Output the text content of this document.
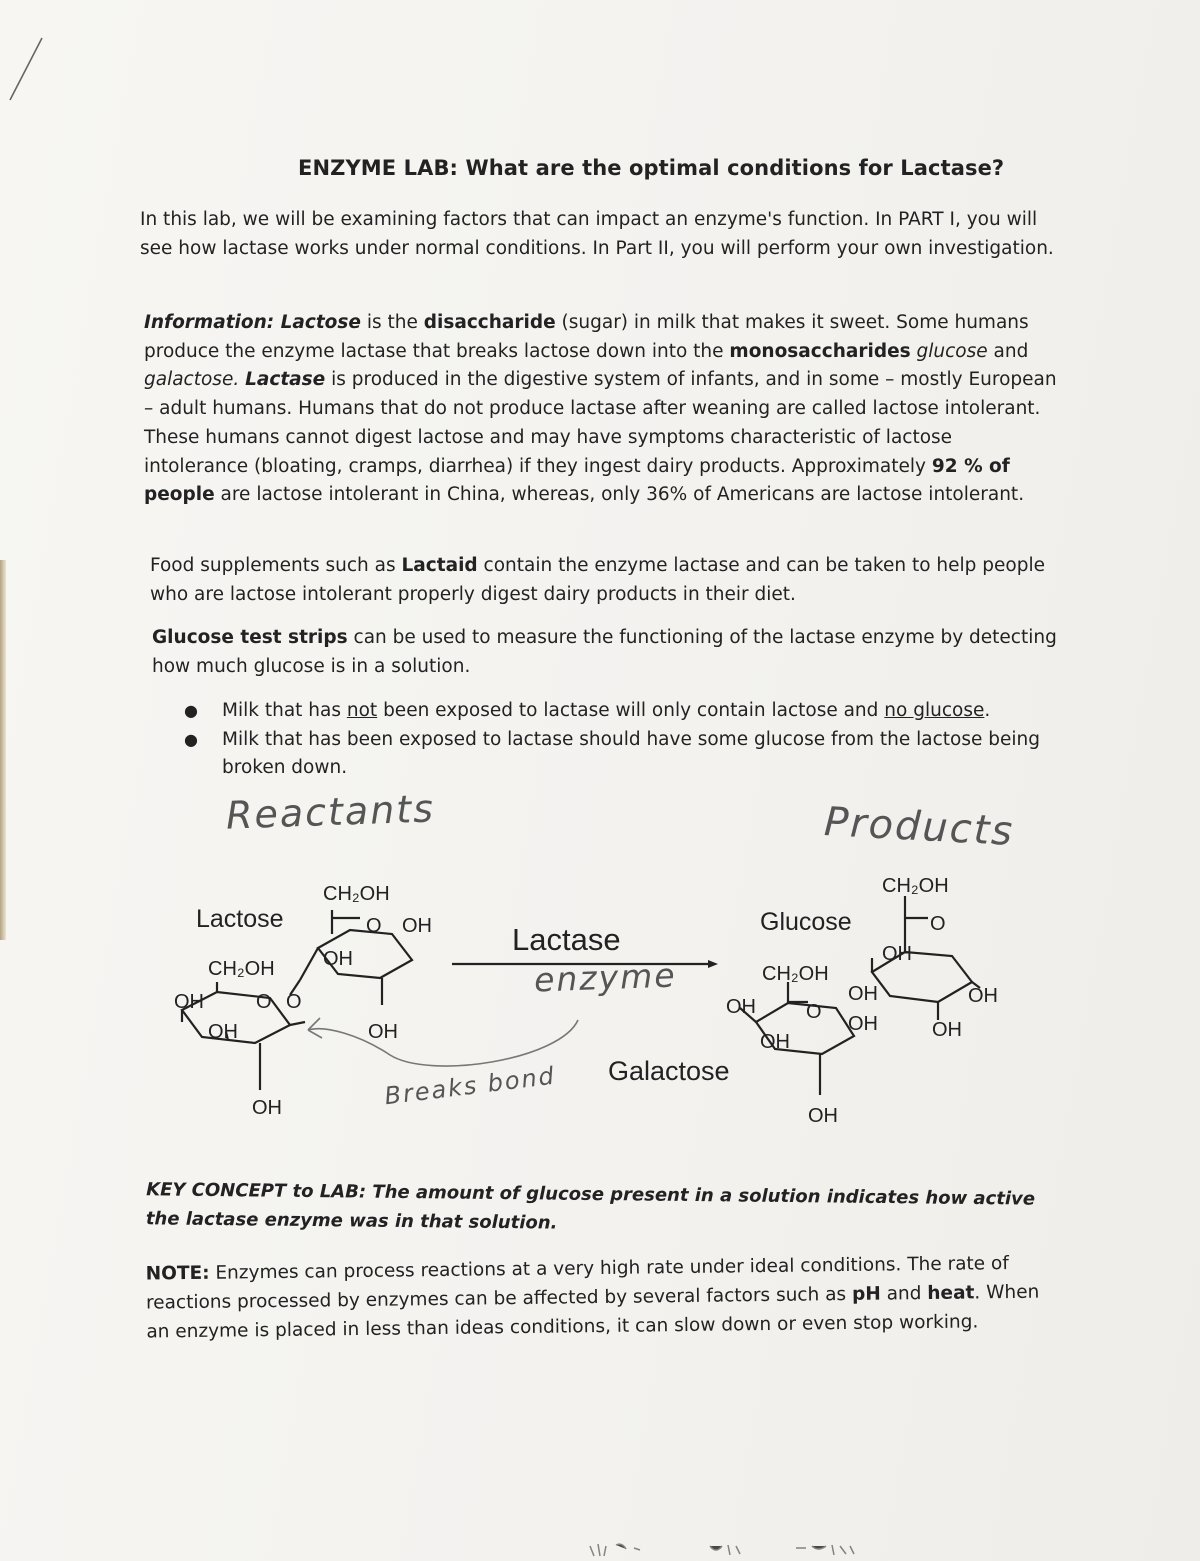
ENZYME LAB: What are the optimal conditions for Lactase?
In this lab, we will be examining factors that can impact an enzyme's function. In PART I, you will see how lactase works under normal conditions. In Part II, you will perform your own investigation.
Information: Lactose is the disaccharide (sugar) in milk that makes it sweet. Some humans produce the enzyme lactase that breaks lactose down into the monosaccharides glucose and galactose. Lactase is produced in the digestive system of infants, and in some – mostly European – adult humans. Humans that do not produce lactase after weaning are called lactose intolerant. These humans cannot digest lactose and may have symptoms characteristic of lactose intolerance (bloating, cramps, diarrhea) if they ingest dairy products. Approximately 92 % of people are lactose intolerant in China, whereas, only 36% of Americans are lactose intolerant.
Food supplements such as Lactaid contain the enzyme lactase and can be taken to help people who are lactose intolerant properly digest dairy products in their diet.
Glucose test strips can be used to measure the functioning of the lactase enzyme by detecting how much glucose is in a solution.
● Milk that has not been exposed to lactase will only contain lactose and no glucose.
● Milk that has been exposed to lactase should have some glucose from the lactose being broken down.
Reactants	Products
Lactose
CH₂OH
O OH
CH₂OH
OH	O O
OH
OH
OH
OH
Lactase	Glucose
CH₂OH
O
OH
OH
OH
OH
OH
CH₂OH
OH	O
OH
OH
Galactose
enzyme
Breaks bond
KEY CONCEPT to LAB: The amount of glucose present in a solution indicates how active the lactase enzyme was in that solution.
NOTE: Enzymes can process reactions at a very high rate under ideal conditions. The rate of reactions processed by enzymes can be affected by several factors such as pH and heat. When an enzyme is placed in less than ideas conditions, it can slow down or even stop working.
